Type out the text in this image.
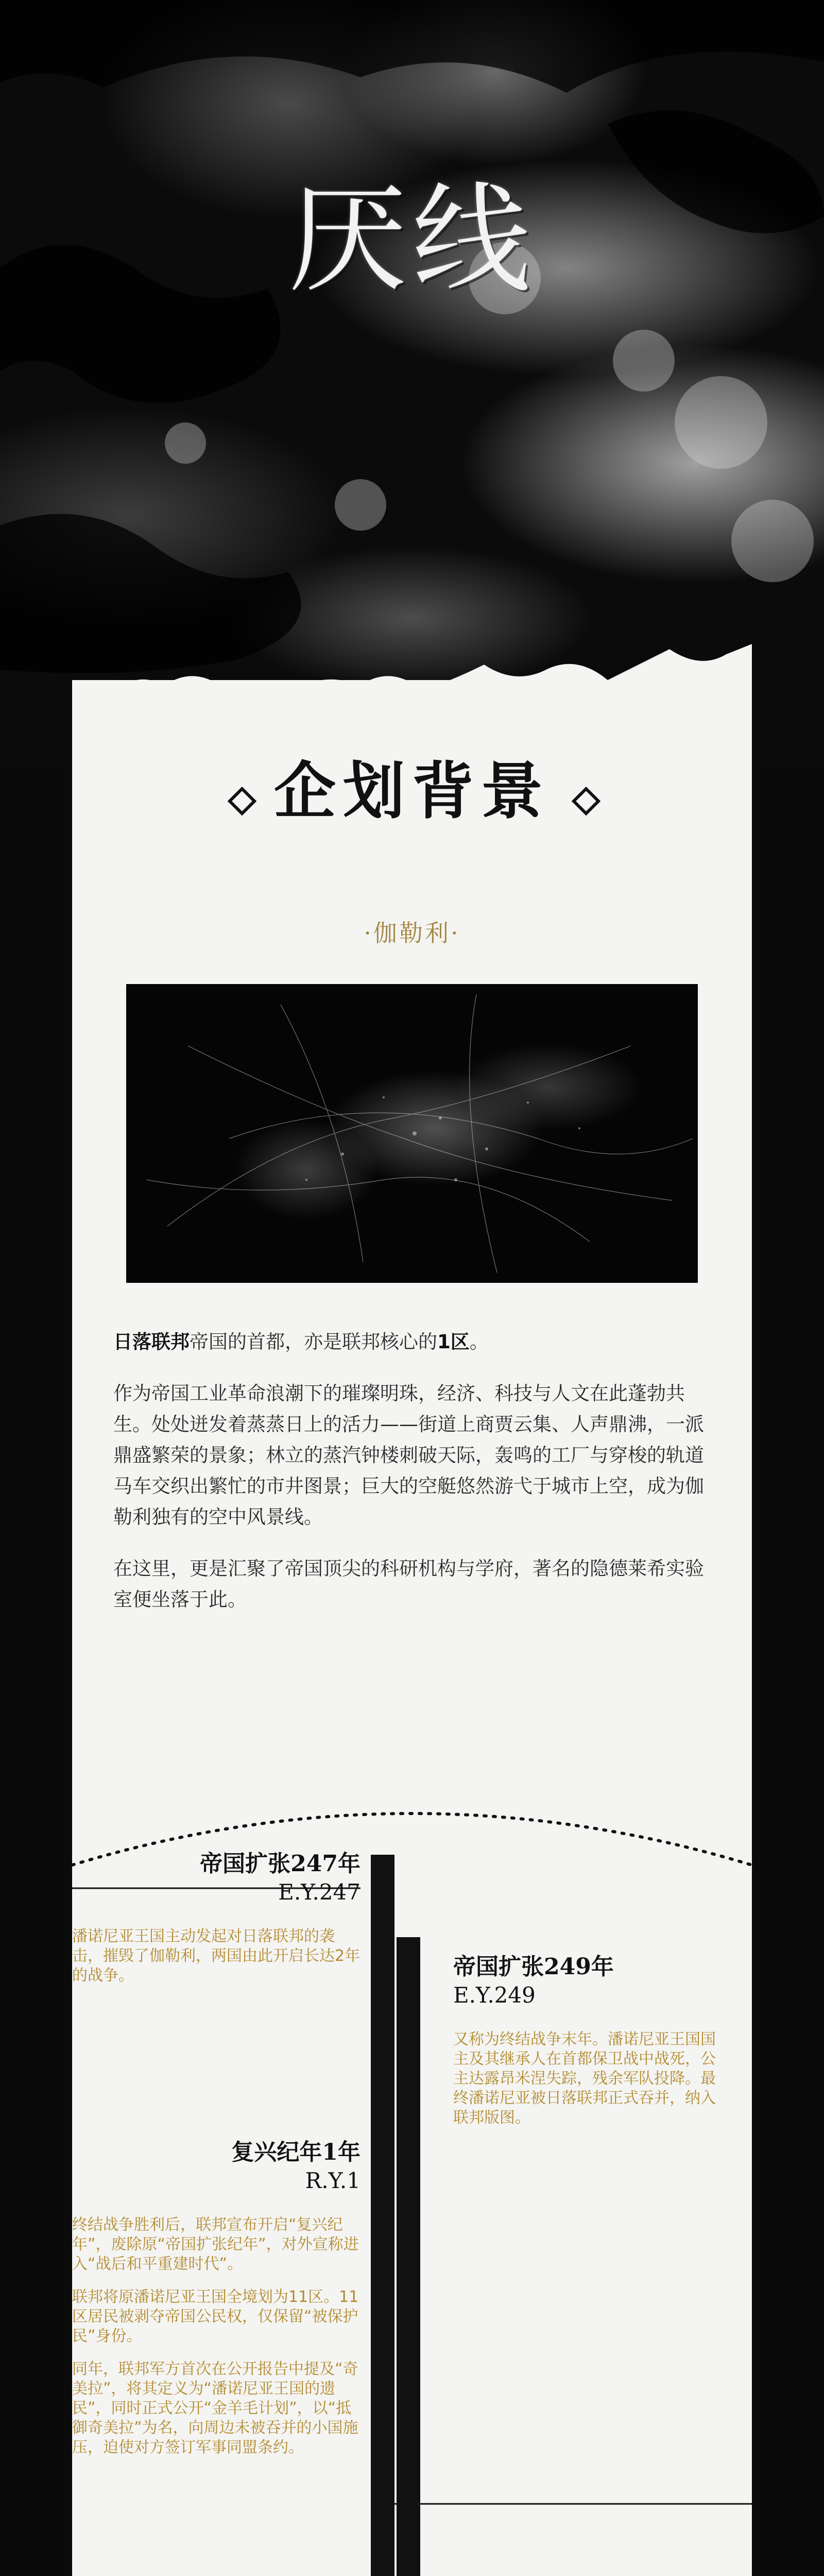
厌线
企划背景
·伽勒利·

日落联邦帝国的首都，亦是联邦核心的1区。

作为帝国工业革命浪潮下的璀璨明珠，经济、科技与人文在此蓬勃共生。处处迸发着蒸蒸日上的活力——街道上商贾云集、人声鼎沸，一派鼎盛繁荣的景象；林立的蒸汽钟楼刺破天际，轰鸣的工厂与穿梭的轨道马车交织出繁忙的市井图景；巨大的空艇悠然游弋于城市上空，成为伽勒利独有的空中风景线。

在这里，更是汇聚了帝国顶尖的科研机构与学府，著名的隐德莱希实验室便坐落于此。

帝国扩张247年
E.Y.247

潘诺尼亚王国主动发起对日落联邦的袭击，摧毁了伽勒利，两国由此开启长达2年的战争。	帝国扩张249年
E.Y.249

又称为终结战争末年。潘诺尼亚王国国主及其继承人在首都保卫战中战死，公主达露昂米涅失踪，残余军队投降。最终潘诺尼亚被日落联邦正式吞并，纳入联邦版图。

复兴纪年1年
R.Y.1

终结战争胜利后，联邦宣布开启“复兴纪年”，废除原“帝国扩张纪年”，对外宣称进入“战后和平重建时代”。

联邦将原潘诺尼亚王国全境划为11区。11区居民被剥夺帝国公民权，仅保留“被保护民”身份。

同年，联邦军方首次在公开报告中提及“奇美拉”，将其定义为“潘诺尼亚王国的遗民”，同时正式公开“金羊毛计划”，以“抵御奇美拉”为名，向周边未被吞并的小国施压，迫使对方签订军事同盟条约。
